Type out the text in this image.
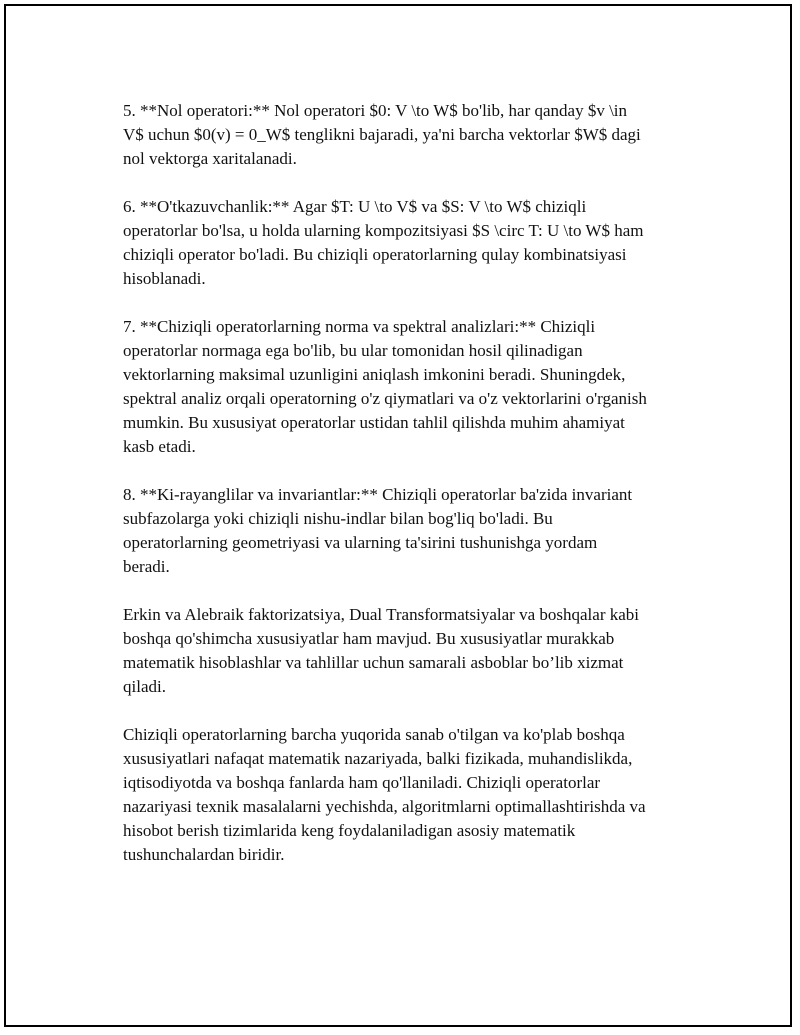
5. **Nol operatori:** Nol operatori $0: V \to W$ bo'lib, har qanday $v \in
V$ uchun $0(v) = 0_W$ tenglikni bajaradi, ya'ni barcha vektorlar $W$ dagi
nol vektorga xaritalanadi.

6. **O'tkazuvchanlik:** Agar $T: U \to V$ va $S: V \to W$ chiziqli
operatorlar bo'lsa, u holda ularning kompozitsiyasi $S \circ T: U \to W$ ham
chiziqli operator bo'ladi. Bu chiziqli operatorlarning qulay kombinatsiyasi
hisoblanadi.

7. **Chiziqli operatorlarning norma va spektral analizlari:** Chiziqli
operatorlar normaga ega bo'lib, bu ular tomonidan hosil qilinadigan
vektorlarning maksimal uzunligini aniqlash imkonini beradi. Shuningdek,
spektral analiz orqali operatorning o'z qiymatlari va o'z vektorlarini o'rganish
mumkin. Bu xususiyat operatorlar ustidan tahlil qilishda muhim ahamiyat
kasb etadi.

8. **Ki-rayanglilar va invariantlar:** Chiziqli operatorlar ba'zida invariant
subfazolarga yoki chiziqli nishu-indlar bilan bog'liq bo'ladi. Bu
operatorlarning geometriyasi va ularning ta'sirini tushunishga yordam
beradi.

Erkin va Alebraik faktorizatsiya, Dual Transformatsiyalar va boshqalar kabi
boshqa qo'shimcha xususiyatlar ham mavjud. Bu xususiyatlar murakkab
matematik hisoblashlar va tahlillar uchun samarali asboblar bo’lib xizmat
qiladi.

Chiziqli operatorlarning barcha yuqorida sanab o'tilgan va ko'plab boshqa
xususiyatlari nafaqat matematik nazariyada, balki fizikada, muhandislikda,
iqtisodiyotda va boshqa fanlarda ham qo'llaniladi. Chiziqli operatorlar
nazariyasi texnik masalalarni yechishda, algoritmlarni optimallashtirishda va
hisobot berish tizimlarida keng foydalaniladigan asosiy matematik
tushunchalardan biridir.
